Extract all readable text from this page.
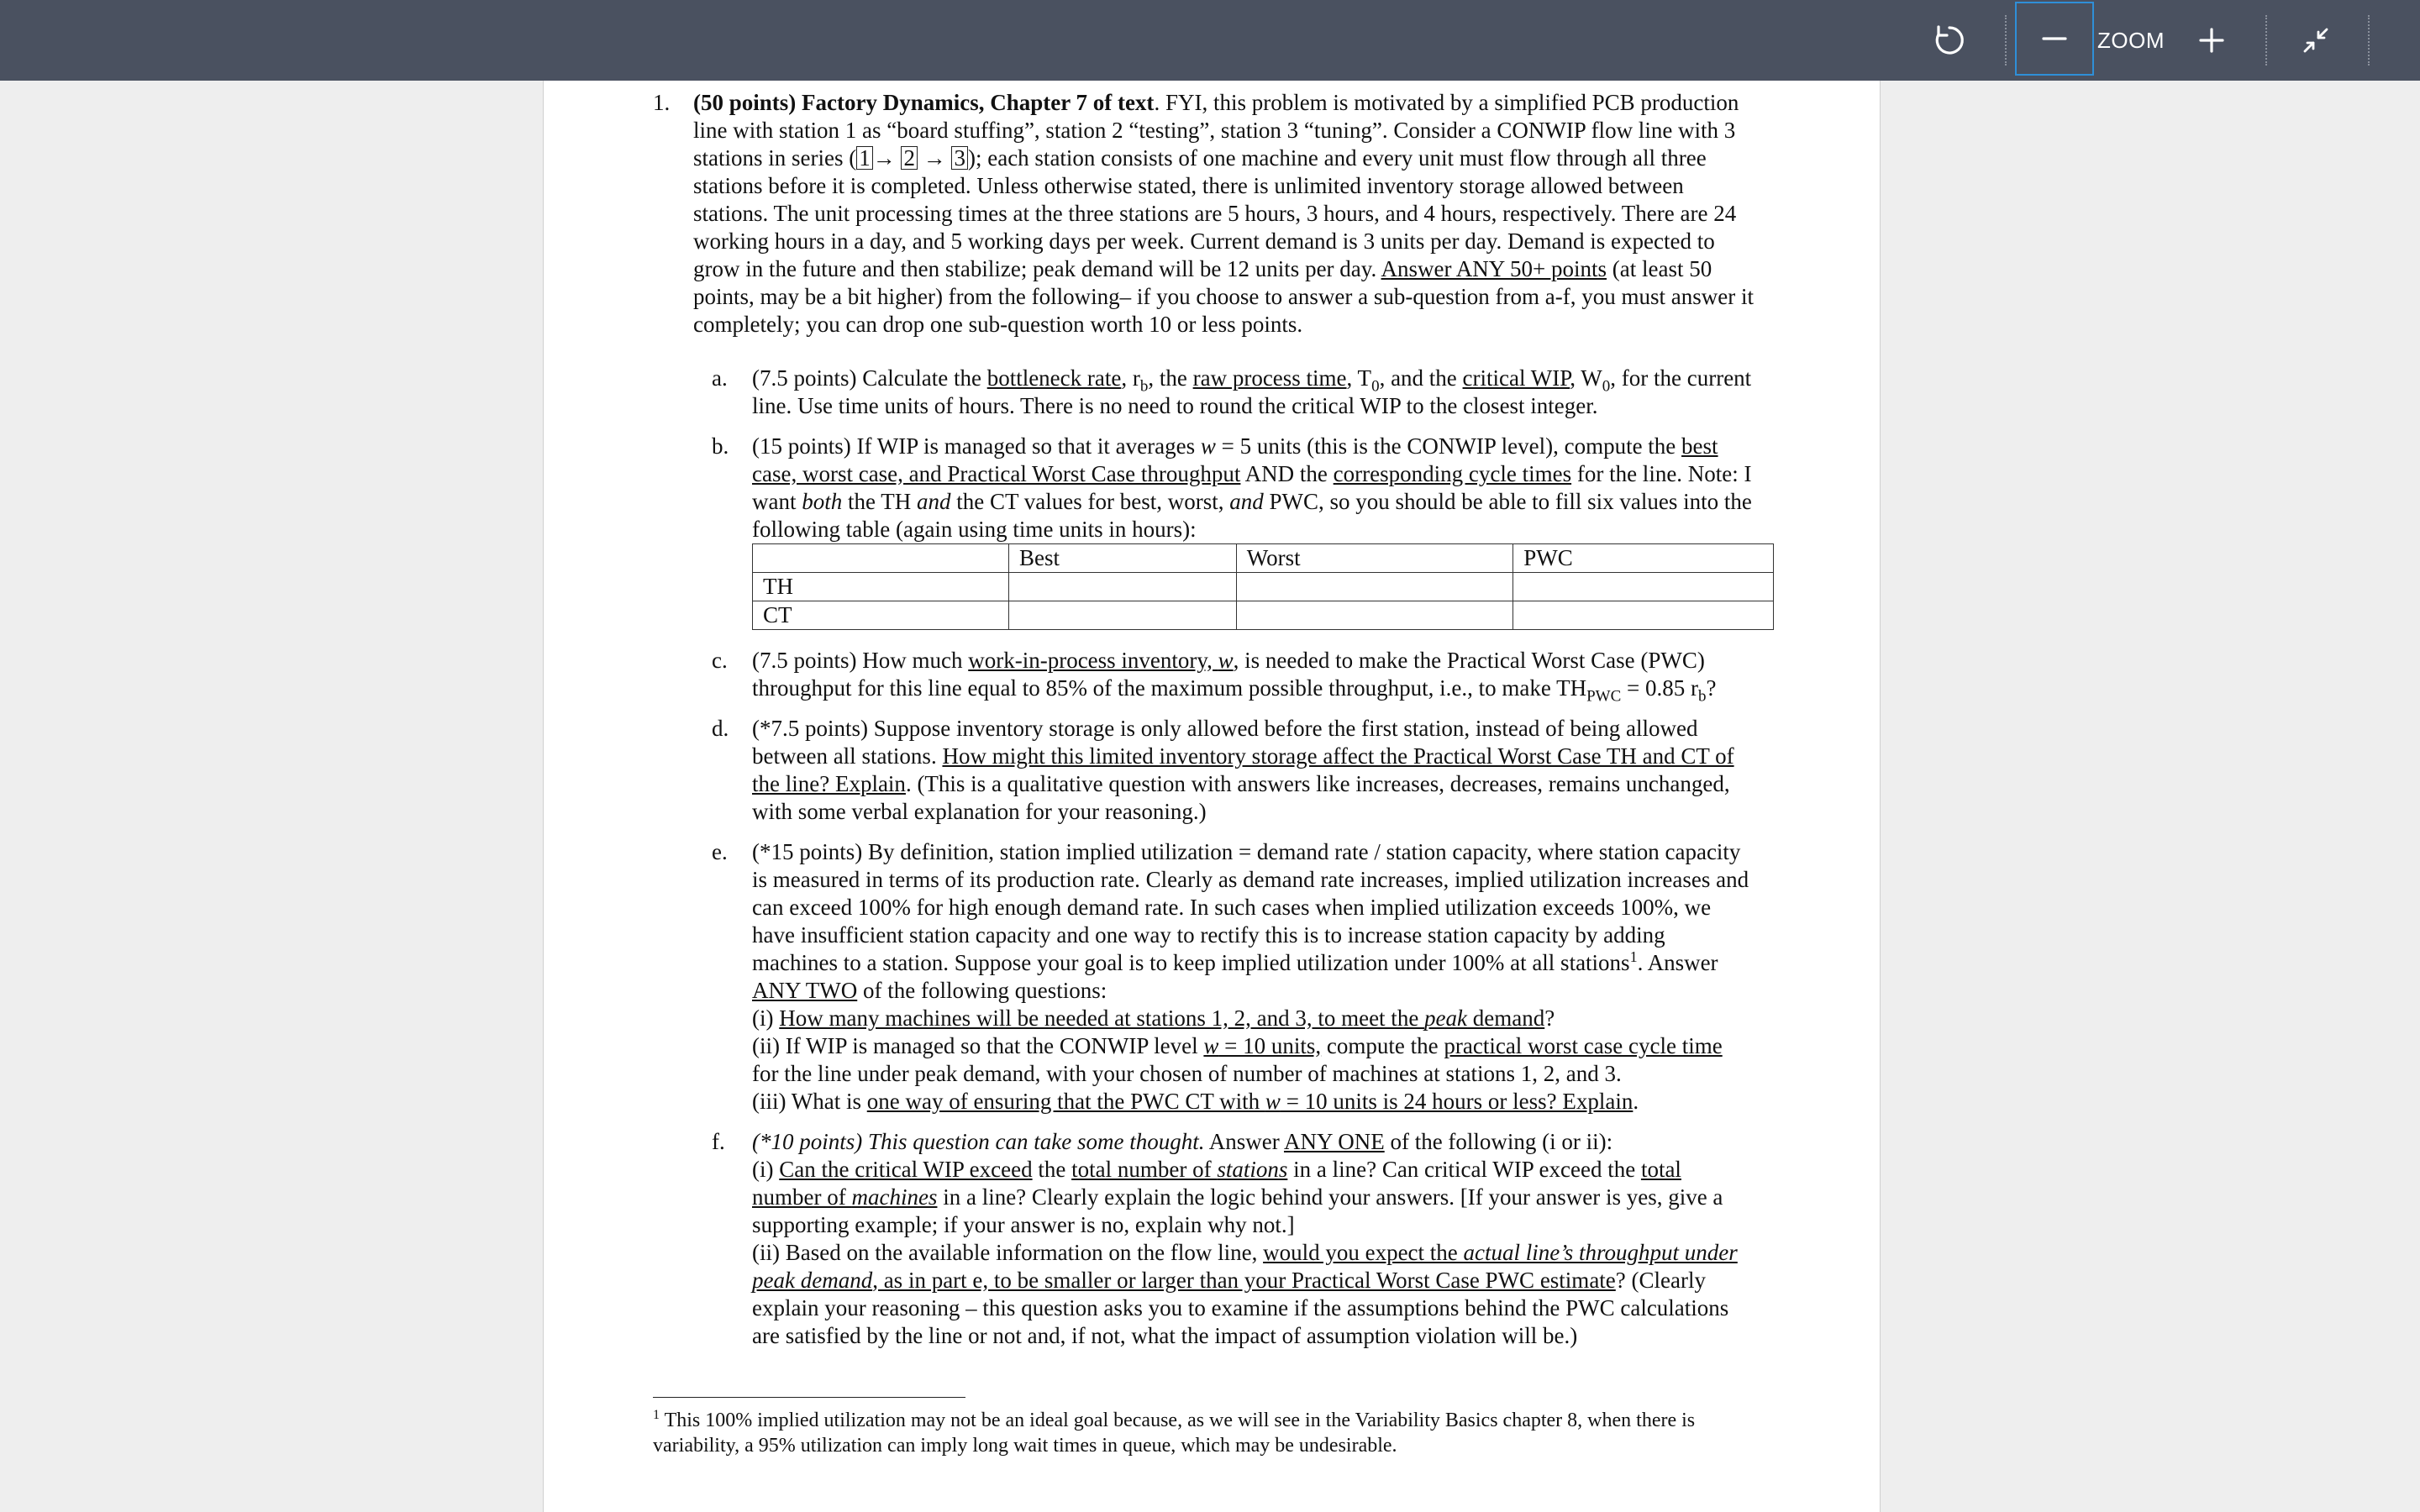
ZOOM
1. (50 points) Factory Dynamics, Chapter 7 of text. FYI, this problem is motivated by a simplified PCB production line with station 1 as “board stuffing”, station 2 “testing”, station 3 “tuning”. Consider a CONWIP flow line with 3 stations in series ( 1 → 2 → 3 ); each station consists of one machine and every unit must flow through all three stations before it is completed. Unless otherwise stated, there is unlimited inventory storage allowed between stations. The unit processing times at the three stations are 5 hours, 3 hours, and 4 hours, respectively. There are 24 working hours in a day, and 5 working days per week. Current demand is 3 units per day. Demand is expected to grow in the future and then stabilize; peak demand will be 12 units per day. Answer ANY 50+ points (at least 50 points, may be a bit higher) from the following– if you choose to answer a sub-question from a-f, you must answer it completely; you can drop one sub-question worth 10 or less points.
a. (7.5 points) Calculate the bottleneck rate, $r_b$, the raw process time, $T_0$, and the critical WIP, $W_0$, for the current line. Use time units of hours. There is no need to round the critical WIP to the closest integer.
b. (15 points) If WIP is managed so that it averages w = 5 units (this is the CONWIP level), compute the best case, worst case, and Practical Worst Case throughput AND the corresponding cycle times for the line. Note: I want both the TH and the CT values for best, worst, and PWC, so you should be able to fill six values into the following table (again using time units in hours):
	Best	Worst	PWC
TH			
CT			
c. (7.5 points) How much work-in-process inventory, w, is needed to make the Practical Worst Case (PWC) throughput for this line equal to 85% of the maximum possible throughput, i.e., to make $TH_{PWC} = 0.85$ $r_b$?
d. (*7.5 points) Suppose inventory storage is only allowed before the first station, instead of being allowed between all stations. How might this limited inventory storage affect the Practical Worst Case TH and CT of the line? Explain. (This is a qualitative question with answers like increases, decreases, remains unchanged, with some verbal explanation for your reasoning.)
e. (*15 points) By definition, station implied utilization = demand rate / station capacity, where station capacity is measured in terms of its production rate. Clearly as demand rate increases, implied utilization increases and can exceed 100% for high enough demand rate. In such cases when implied utilization exceeds 100%, we have insufficient station capacity and one way to rectify this is to increase station capacity by adding machines to a station. Suppose your goal is to keep implied utilization under 100% at all stations$^1$. Answer ANY TWO of the following questions:
(i) How many machines will be needed at stations 1, 2, and 3, to meet the peak demand?
(ii) If WIP is managed so that the CONWIP level w = 10 units, compute the practical worst case cycle time for the line under peak demand, with your chosen of number of machines at stations 1, 2, and 3.
(iii) What is one way of ensuring that the PWC CT with w = 10 units is 24 hours or less? Explain.
f. (*10 points) This question can take some thought. Answer ANY ONE of the following (i or ii):
(i) Can the critical WIP exceed the total number of stations in a line? Can critical WIP exceed the total number of machines in a line? Clearly explain the logic behind your answers. [If your answer is yes, give a supporting example; if your answer is no, explain why not.]
(ii) Based on the available information on the flow line, would you expect the actual line’s throughput under peak demand, as in part e, to be smaller or larger than your Practical Worst Case PWC estimate? (Clearly explain your reasoning – this question asks you to examine if the assumptions behind the PWC calculations are satisfied by the line or not and, if not, what the impact of assumption violation will be.)
$^1$ This 100% implied utilization may not be an ideal goal because, as we will see in the Variability Basics chapter 8, when there is variability, a 95% utilization can imply long wait times in queue, which may be undesirable.
